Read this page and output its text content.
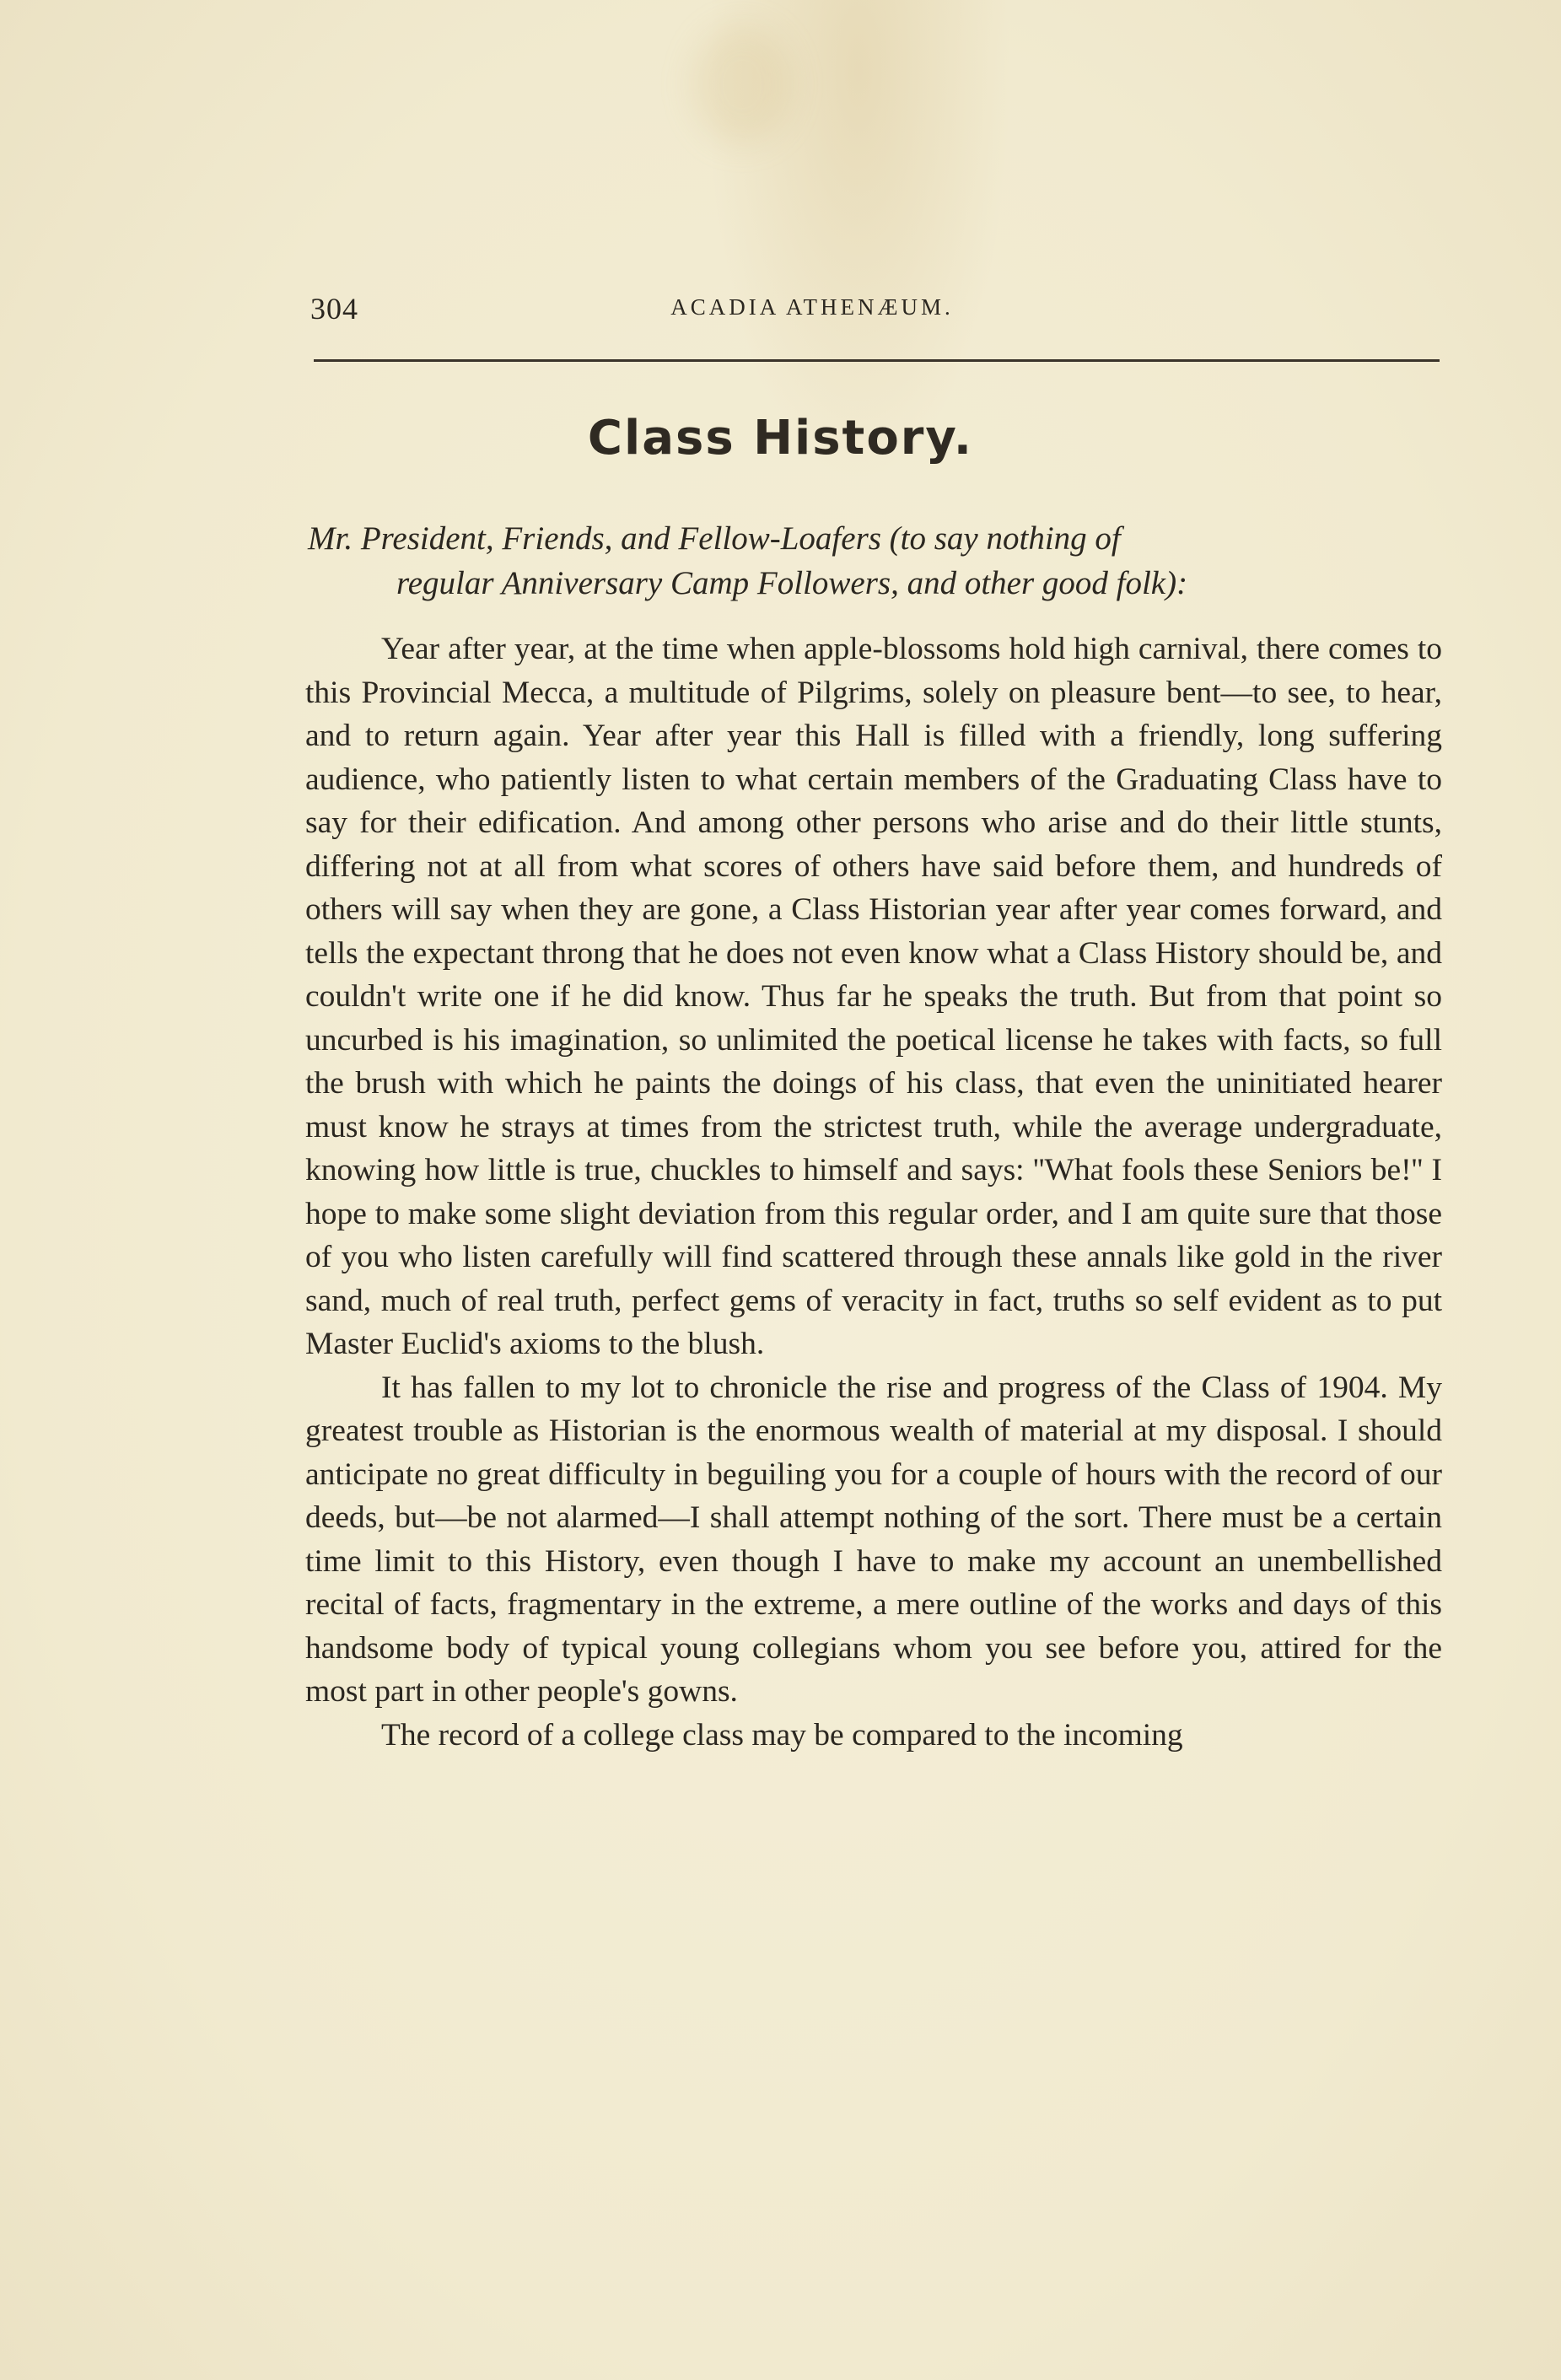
304	ACADIA ATHENÆUM.
Class History.
Mr. President, Friends, and Fellow-Loafers (to say nothing of
regular Anniversary Camp Followers, and other good folk):

Year after year, at the time when apple-blossoms hold high carnival, there comes to this Provincial Mecca, a multitude of Pilgrims, solely on pleasure bent—to see, to hear, and to return again. Year after year this Hall is filled with a friendly, long suffering audience, who patiently listen to what certain members of the Graduating Class have to say for their edification. And among other persons who arise and do their little stunts, differing not at all from what scores of others have said before them, and hundreds of others will say when they are gone, a Class Historian year after year comes forward, and tells the expectant throng that he does not even know what a Class History should be, and couldn't write one if he did know. Thus far he speaks the truth. But from that point so uncurbed is his imagination, so unlimited the poetical license he takes with facts, so full the brush with which he paints the doings of his class, that even the uninitiated hearer must know he strays at times from the strictest truth, while the average undergraduate, knowing how little is true, chuckles to himself and says: ''What fools these Seniors be!'' I hope to make some slight deviation from this regular order, and I am quite sure that those of you who listen carefully will find scattered through these annals like gold in the river sand, much of real truth, perfect gems of veracity in fact, truths so self evident as to put Master Euclid's axioms to the blush.

It has fallen to my lot to chronicle the rise and progress of the Class of 1904. My greatest trouble as Historian is the enormous wealth of material at my disposal. I should anticipate no great difficulty in beguiling you for a couple of hours with the record of our deeds, but—be not alarmed—I shall attempt nothing of the sort. There must be a certain time limit to this History, even though I have to make my account an unembellished recital of facts, fragmentary in the extreme, a mere outline of the works and days of this handsome body of typical young collegians whom you see before you, attired for the most part in other people's gowns.

The record of a college class may be compared to the incoming
